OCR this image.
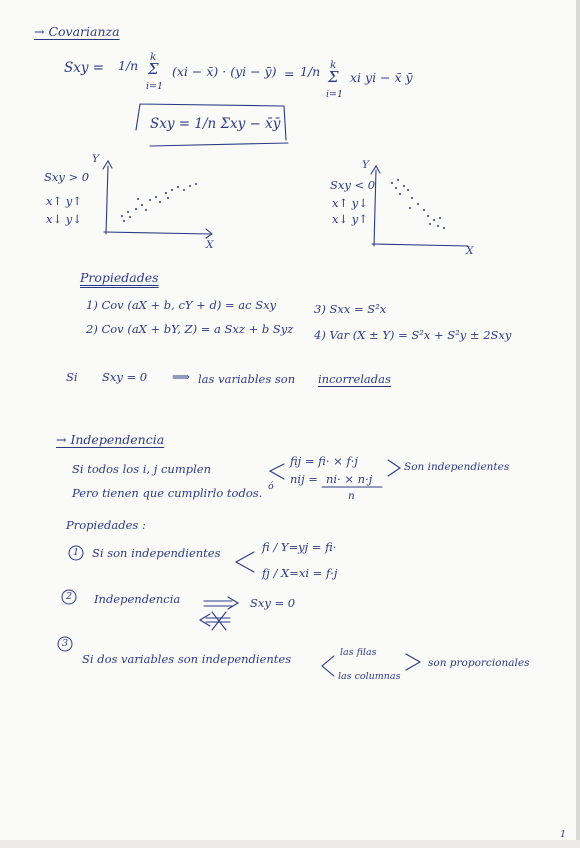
→ Covarianza
Sxy = 1/n
k
Σ
i=1
(xi − x̄) · (yi − ȳ) = 1/n k
Σ
i=1
xi yi − x̄ ȳ
Sxy = 1/n Σxy − x̄ȳ
Y
X
Sxy > 0
x↑ y↑
x↓ y↓
Y
X
Sxy < 0
x↑ y↓
x↓ y↑
Propiedades
1) Cov (aX + b, cY + d) = ac Sxy
2) Cov (aX + bY, Z) = a Sxz + b Syz
3) Sxx = S²x
4) Var (X ± Y) = S²x + S²y ± 2Sxy
Si Sxy = 0 ⟹ las variables son incorreladas
→ Independencia
Si todos los i, j cumplen
ó
fij = fi· × f·j
nij = ni· × n·j
n
Son independientes
Pero tienen que cumplirlo todos.
Propiedades :
1 Si son independientes	fi / Y=yj = fi·
fj / X=xi = f·j
2 Independencia	Sxy = 0
3
Si dos variables son independientes	las filas
las columnas
son proporcionales
1
